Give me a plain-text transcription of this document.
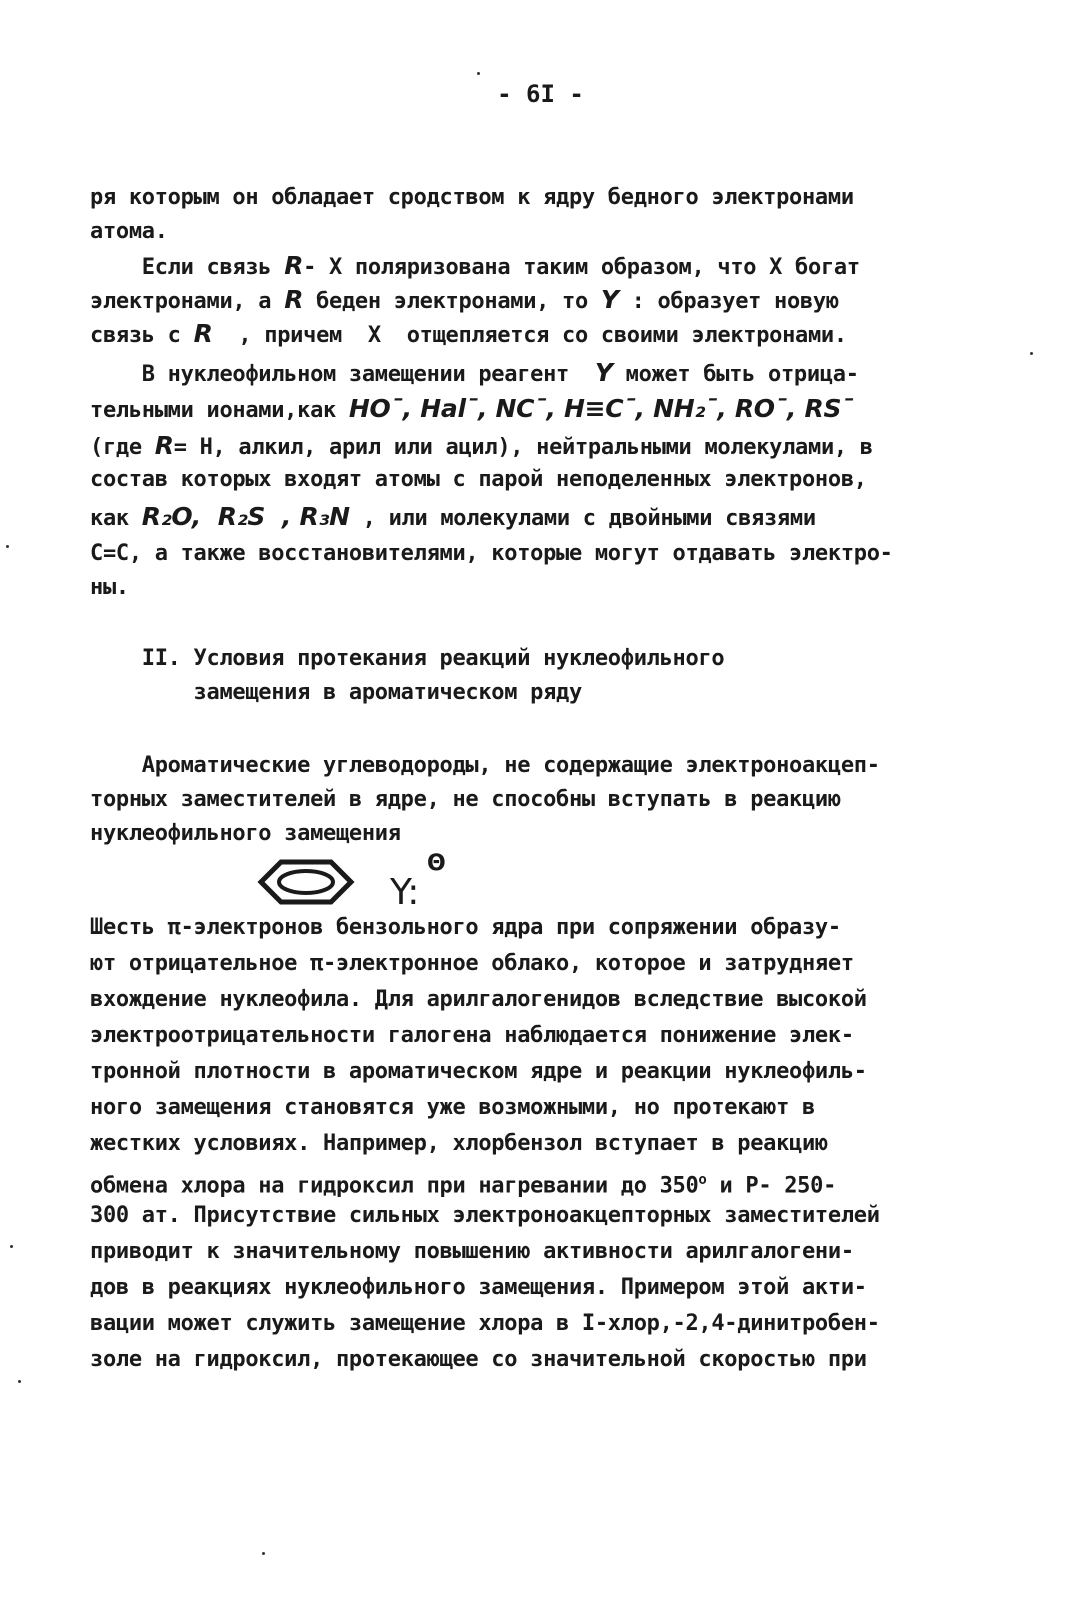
- 6I -
ря которым он обладает сродством к ядру бедного электронами
атома.
Если связь R- X поляризована таким образом, что X богат
электронами, а R беден электронами, то Y : образует новую
связь с R  , причем  X  отщепляется со своими электронами.
В нуклеофильном замещении реагент  Y может быть отрица-
тельными ионами,как HO¯, Hal¯, NC¯, H≡C¯, NH₂¯, RO¯, RS¯
(где R= H, алкил, арил или ацил), нейтральными молекулами, в
состав которых входят атомы с парой неподеленных электронов,
как R₂O,  R₂S  , R₃N , или молекулами с двойными связями
C=C, а также восстановителями, которые могут отдавать электро-
ны.
II. Условия протекания реакций нуклеофильного
замещения в ароматическом ряду
Ароматические углеводороды, не содержащие электроноакцеп-
торных заместителей в ядре, не способны вступать в реакцию
нуклеофильного замещения
Y:
Θ
Шесть π-электронов бензольного ядра при сопряжении образу-
ют отрицательное π-электронное облако, которое и затрудняет
вхождение нуклеофила. Для арилгалогенидов вследствие высокой
электроотрицательности галогена наблюдается понижение элек-
тронной плотности в ароматическом ядре и реакции нуклеофиль-
ного замещения становятся уже возможными, но протекают в
жестких условиях. Например, хлорбензол вступает в реакцию
обмена хлора на гидроксил при нагревании до $350^о$ и P- 250-
300 ат. Присутствие сильных электроноакцепторных заместителей
приводит к значительному повышению активности арилгалогени-
дов в реакциях нуклеофильного замещения. Примером этой акти-
вации может служить замещение хлора в I-хлор,-2,4-динитробен-
золе на гидроксил, протекающее со значительной скоростью при
